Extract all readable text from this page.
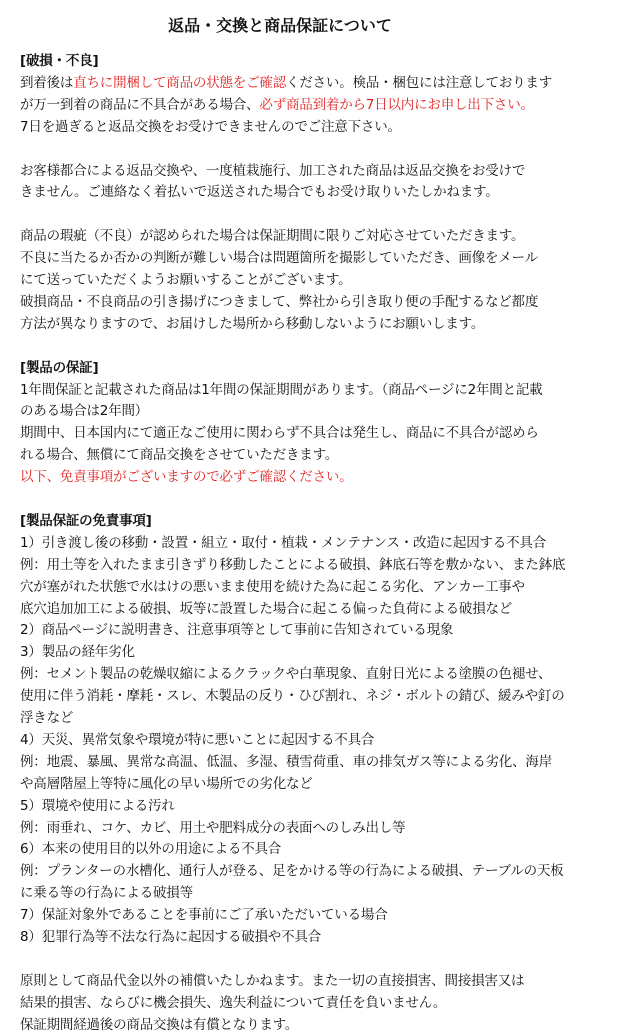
返品・交換と商品保証について
[破損・不良]
到着後は直ちに開梱して商品の状態をご確認ください。検品・梱包には注意しております
が万一到着の商品に不具合がある場合、必ず商品到着から7日以内にお申し出下さい。
7日を過ぎると返品交換をお受けできませんのでご注意下さい。
お客様都合による返品交換や、一度植栽施行、加工された商品は返品交換をお受けで
きません。ご連絡なく着払いで返送された場合でもお受け取りいたしかねます。
商品の瑕疵（不良）が認められた場合は保証期間に限りご対応させていただきます。
不良に当たるか否かの判断が難しい場合は問題箇所を撮影していただき、画像をメール
にて送っていただくようお願いすることがございます。
破損商品・不良商品の引き揚げにつきまして、弊社から引き取り便の手配するなど都度
方法が異なりますので、お届けした場所から移動しないようにお願いします。
[製品の保証]
1年間保証と記載された商品は1年間の保証期間があります。（商品ページに2年間と記載
のある場合は2年間）
期間中、日本国内にて適正なご使用に関わらず不具合は発生し、商品に不具合が認めら
れる場合、無償にて商品交換をさせていただきます。
以下、免責事項がございますので必ずご確認ください。
[製品保証の免責事項]
1）引き渡し後の移動・設置・組立・取付・植栽・メンテナンス・改造に起因する不具合
例：用土等を入れたまま引きずり移動したことによる破損、鉢底石等を敷かない、また鉢底
穴が塞がれた状態で水はけの悪いまま使用を続けた為に起こる劣化、アンカー工事や
底穴追加加工による破損、坂等に設置した場合に起こる偏った負荷による破損など
2）商品ページに説明書き、注意事項等として事前に告知されている現象
3）製品の経年劣化
例：セメント製品の乾燥収縮によるクラックや白華現象、直射日光による塗膜の色褪せ、
使用に伴う消耗・摩耗・スレ、木製品の反り・ひび割れ、ネジ・ボルトの錆び、緩みや釘の
浮きなど
4）天災、異常気象や環境が特に悪いことに起因する不具合
例：地震、暴風、異常な高温、低温、多湿、積雪荷重、車の排気ガス等による劣化、海岸
や高層階屋上等特に風化の早い場所での劣化など
5）環境や使用による汚れ
例：雨垂れ、コケ、カビ、用土や肥料成分の表面へのしみ出し等
6）本来の使用目的以外の用途による不具合
例：プランターの水槽化、通行人が登る、足をかける等の行為による破損、テーブルの天板
に乗る等の行為による破損等
7）保証対象外であることを事前にご了承いただいている場合
8）犯罪行為等不法な行為に起因する破損や不具合
原則として商品代金以外の補償いたしかねます。また一切の直接損害、間接損害又は
結果的損害、ならびに機会損失、逸失利益について責任を負いません。
保証期間経過後の商品交換は有償となります。
